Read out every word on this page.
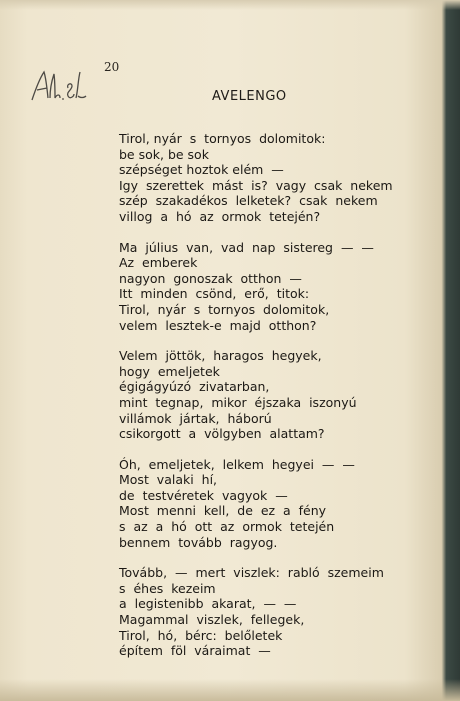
20
AVELENGO
Tirol, nyár  s  tornyos  dolomitok:
be sok, be sok
szépséget hoztok elém  —
Igy  szerettek  mást  is?  vagy  csak  nekem
szép  szakadékos  lelketek?  csak  nekem
villog  a  hó  az  ormok  tetején?
Ma  július  van,  vad  nap  sistereg  —  —
Az  emberek
nagyon  gonoszak  otthon  —
Itt  minden  csönd,  erő,  titok:
Tirol,  nyár  s  tornyos  dolomitok,
velem  lesztek-e  majd  otthon?
Velem  jöttök,  haragos  hegyek,
hogy  emeljetek
égigágyúzó  zivatarban,
mint  tegnap,  mikor  éjszaka  iszonyú
villámok  jártak,  háború
csikorgott  a  völgyben  alattam?
Óh,  emeljetek,  lelkem  hegyei  —  —
Most  valaki  hí,
de  testvéretek  vagyok  —
Most  menni  kell,  de  ez  a  fény
s  az  a  hó  ott  az  ormok  tetején
bennem  tovább  ragyog.
Tovább,  —  mert  viszlek:  rabló  szemeim
s  éhes  kezeim
a  legistenibb  akarat,  —  —
Magammal  viszlek,  fellegek,
Tirol,  hó,  bérc:  belőletek
építem  föl  váraimat  —
